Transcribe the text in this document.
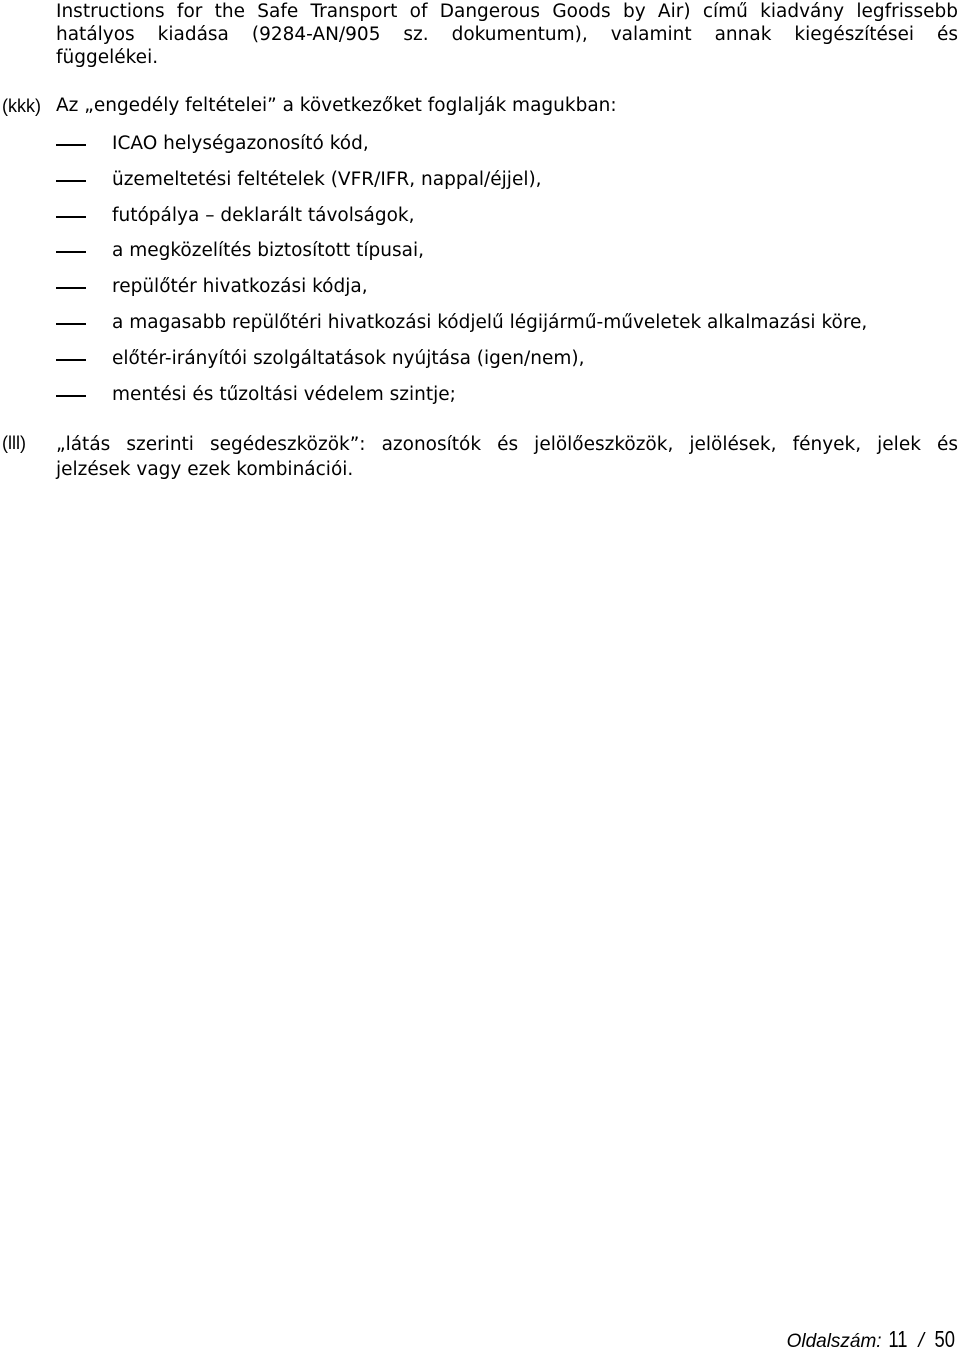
Instructions for the Safe Transport of Dangerous Goods by Air) című kiadvány legfrissebb
hatályos kiadása (9284-AN/905 sz. dokumentum), valamint annak kiegészítései és
függelékei.
(kkk) Az „engedély feltételei” a következőket foglalják magukban:
ICAO helységazonosító kód,
üzemeltetési feltételek (VFR/IFR, nappal/éjjel),
futópálya – deklarált távolságok,
a megközelítés biztosított típusai,
repülőtér hivatkozási kódja,
a magasabb repülőtéri hivatkozási kódjelű légijármű-műveletek alkalmazási köre,
előtér-irányítói szolgáltatások nyújtása (igen/nem),
mentési és tűzoltási védelem szintje;
(lll) „látás szerinti segédeszközök”: azonosítók és jelölőeszközök, jelölések, fények, jelek és
jelzések vagy ezek kombinációi.
Oldalszám: 11 / 50
